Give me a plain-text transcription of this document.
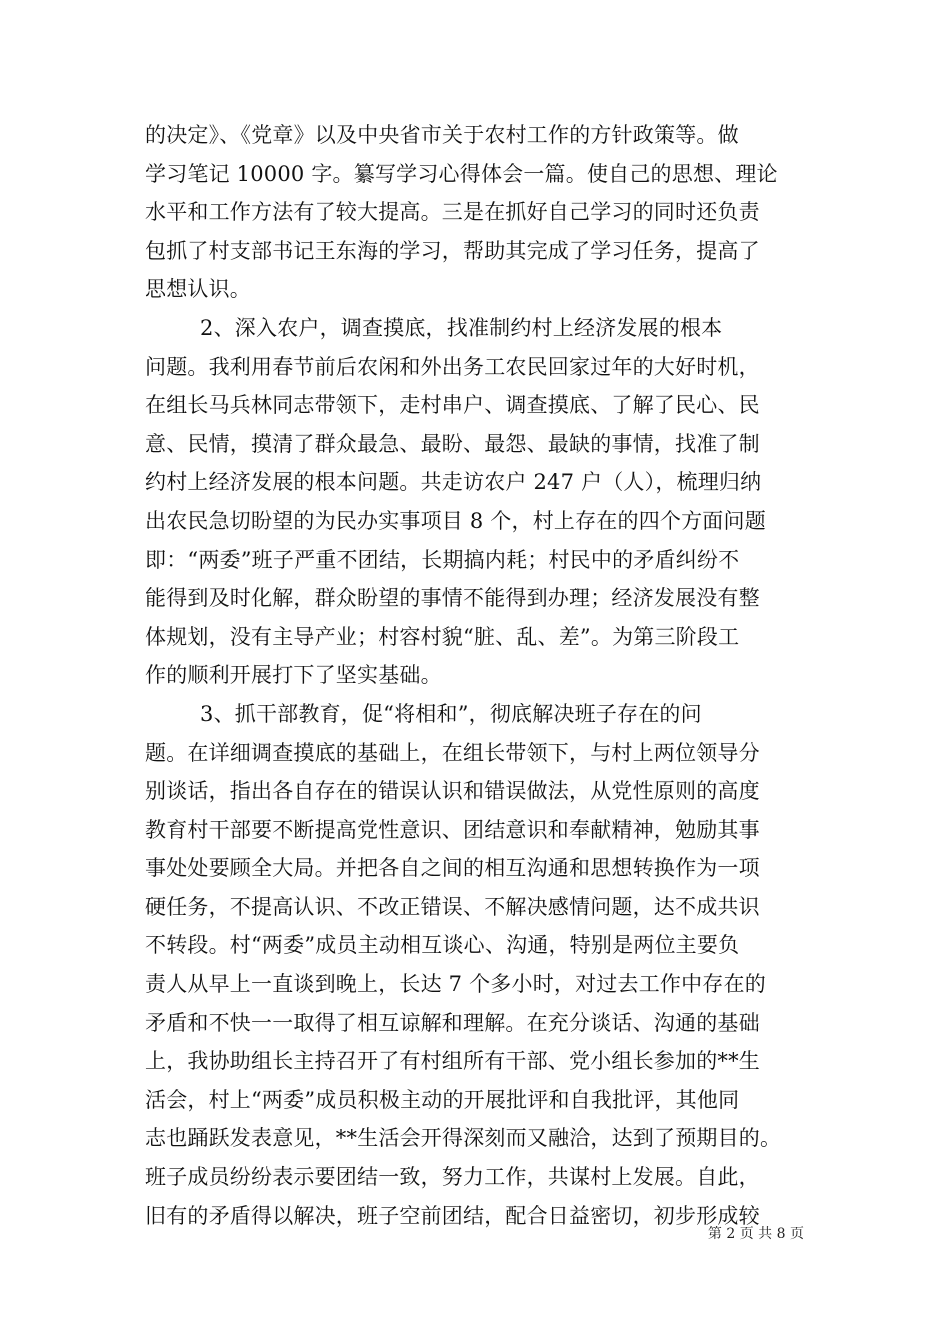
的决定》、《党章》以及中央省市关于农村工作的方针政策等。做
学习笔记 10000 字。纂写学习心得体会一篇。使自己的思想、理论
水平和工作方法有了较大提高。三是在抓好自己学习的同时还负责
包抓了村支部书记王东海的学习，帮助其完成了学习任务，提高了
思想认识。
2、深入农户，调查摸底，找准制约村上经济发展的根本
问题。我利用春节前后农闲和外出务工农民回家过年的大好时机，
在组长马兵林同志带领下，走村串户、调查摸底、了解了民心、民
意、民情，摸清了群众最急、最盼、最怨、最缺的事情，找准了制
约村上经济发展的根本问题。共走访农户 247 户（人），梳理归纳
出农民急切盼望的为民办实事项目 8 个，村上存在的四个方面问题
即：“两委”班子严重不团结，长期搞内耗；村民中的矛盾纠纷不
能得到及时化解，群众盼望的事情不能得到办理；经济发展没有整
体规划，没有主导产业；村容村貌“脏、乱、差”。为第三阶段工
作的顺利开展打下了坚实基础。
3、抓干部教育，促“将相和”，彻底解决班子存在的问
题。在详细调查摸底的基础上，在组长带领下，与村上两位领导分
别谈话，指出各自存在的错误认识和错误做法，从党性原则的高度
教育村干部要不断提高党性意识、团结意识和奉献精神，勉励其事
事处处要顾全大局。并把各自之间的相互沟通和思想转换作为一项
硬任务，不提高认识、不改正错误、不解决感情问题，达不成共识
不转段。村“两委”成员主动相互谈心、沟通，特别是两位主要负
责人从早上一直谈到晚上，长达 7 个多小时，对过去工作中存在的
矛盾和不快一一取得了相互谅解和理解。在充分谈话、沟通的基础
上，我协助组长主持召开了有村组所有干部、党小组长参加的**生
活会，村上“两委”成员积极主动的开展批评和自我批评，其他同
志也踊跃发表意见，**生活会开得深刻而又融洽，达到了预期目的。
班子成员纷纷表示要团结一致，努力工作，共谋村上发展。自此，
旧有的矛盾得以解决，班子空前团结，配合日益密切，初步形成较
第 2 页 共 8 页
